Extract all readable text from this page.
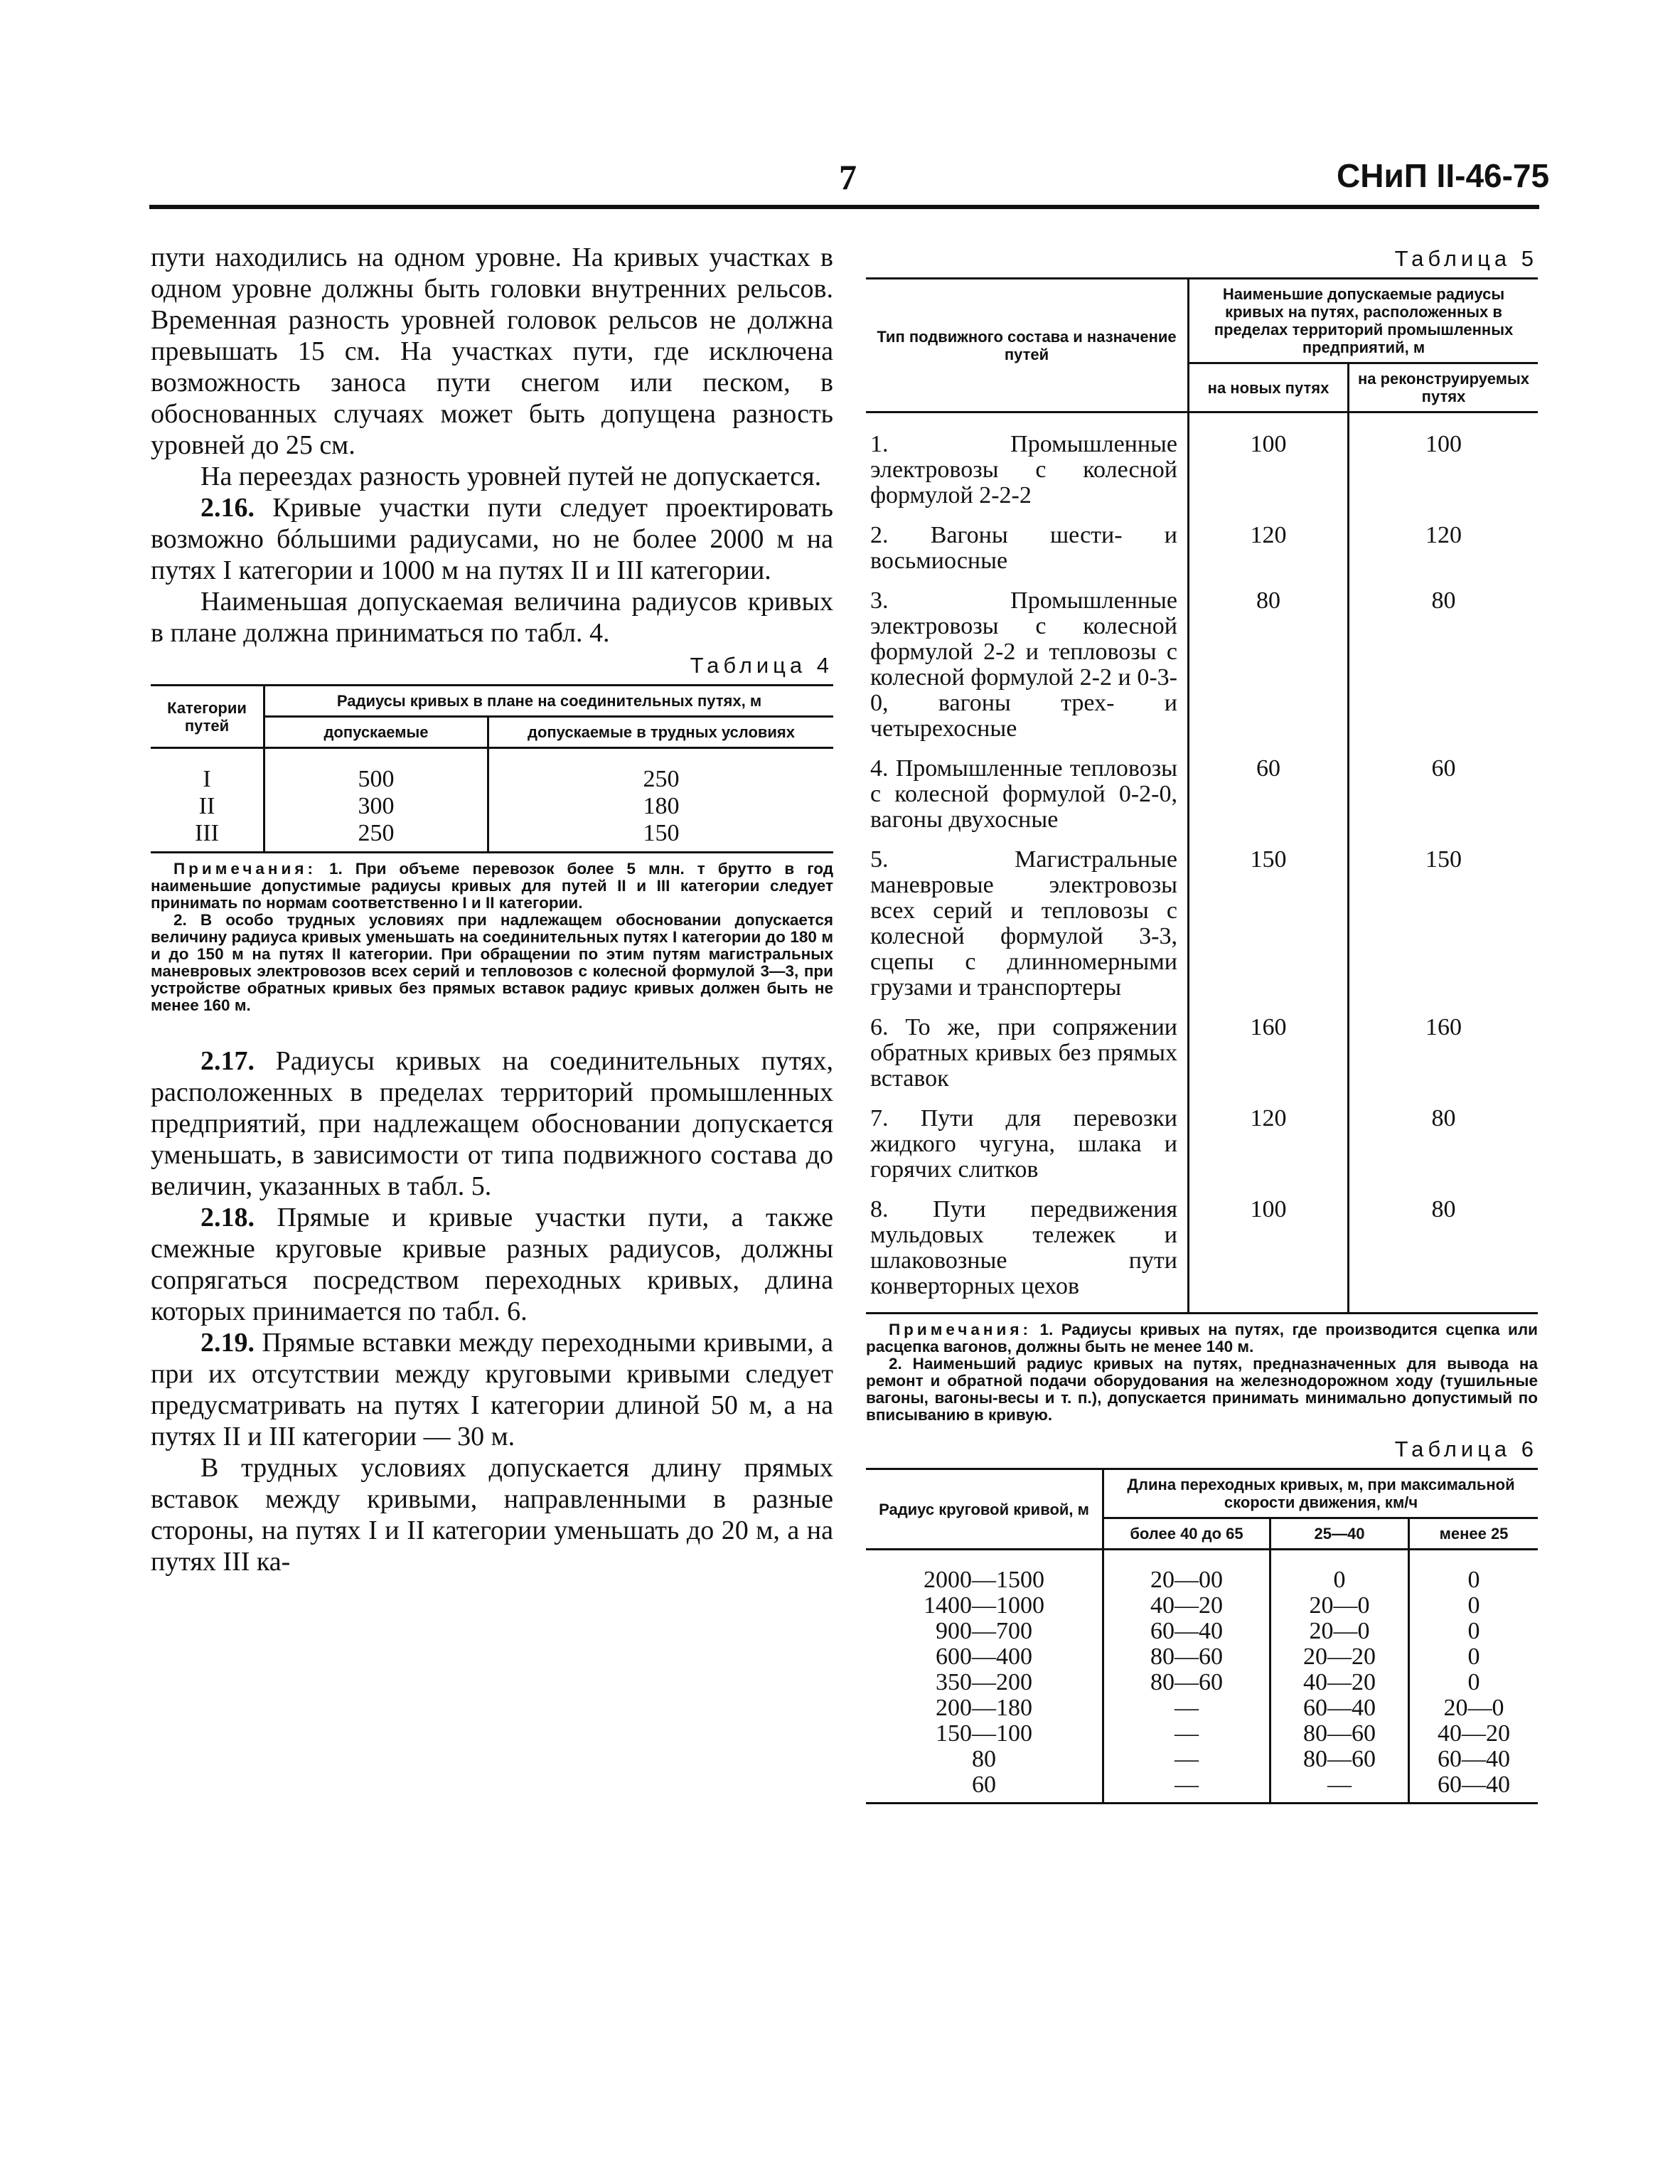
7	СНиП II-46-75

пути находились на одном уровне. На кривых участках в одном уровне должны быть головки внутренних рельсов. Временная разность уровней головок рельсов не должна превышать 15 см. На участках пути, где исключена возможность заноса пути снегом или песком, в обоснованных случаях может быть допущена разность уровней до 25 см.

На переездах разность уровней путей не допускается.

2.16. Кривые участки пути следует проектировать возможно бóльшими радиусами, но не более 2000 м на путях I категории и 1000 м на путях II и III категории.

Наименьшая допускаемая величина радиусов кривых в плане должна приниматься по табл. 4.

Таблица 4
Категории путей	Радиусы кривых в плане на соединительных путях, м	
	допускаемые	допускаемые в трудных условиях

I	500	250
II	300	180
III	250	150

Примечания: 1. При объеме перевозок более 5 млн. т брутто в год наименьшие допустимые радиусы кривых для путей II и III категории следует принимать по нормам соответственно I и II категории.

2. В особо трудных условиях при надлежащем обосновании допускается величину радиуса кривых уменьшать на соединительных путях I категории до 180 м и до 150 м на путях II категории. При обращении по этим путям магистральных маневровых электровозов всех серий и тепловозов с колесной формулой 3—3, при устройстве обратных кривых без прямых вставок радиус кривых должен быть не менее 160 м.

2.17. Радиусы кривых на соединительных путях, расположенных в пределах территорий промышленных предприятий, при надлежащем обосновании допускается уменьшать, в зависимости от типа подвижного состава до величин, указанных в табл. 5.

2.18. Прямые и кривые участки пути, а также смежные круговые кривые разных радиусов, должны сопрягаться посредством переходных кривых, длина которых принимается по табл. 6.

2.19. Прямые вставки между переходными кривыми, а при их отсутствии между круговыми кривыми следует предусматривать на путях I категории длиной 50 м, а на путях II и III категории — 30 м.

В трудных условиях допускается длину прямых вставок между кривыми, направленными в разные стороны, на путях I и II категории уменьшать до 20 м, а на путях III ка-

Таблица 5
Тип подвижного состава и назначение путей	Наименьшие допускаемые радиусы кривых на путях, расположенных в пределах территорий промышленных предприятий, м	
	на новых путях	на реконструируемых путях

1. Промышленные электровозы с колесной формулой 2-2-2	100	100
2. Вагоны шести- и восьмиосные	120	120
3. Промышленные электровозы с колесной формулой 2-2 и тепловозы с колесной формулой 2-2 и 0-3-0, вагоны трех- и четырехосные	80	80
4. Промышленные тепловозы с колесной формулой 0-2-0, вагоны двухосные	60	60
5. Магистральные маневровые электровозы всех серий и тепловозы с колесной формулой 3-3, сцепы с длинномерными грузами и транспортеры	150	150
6. То же, при сопряжении обратных кривых без прямых вставок	160	160
7. Пути для перевозки жидкого чугуна, шлака и горячих слитков	120	80
8. Пути передвижения мульдовых тележек и шлаковозные пути конверторных цехов	100	80

Примечания: 1. Радиусы кривых на путях, где производится сцепка или расцепка вагонов, должны быть не менее 140 м.

2. Наименьший радиус кривых на путях, предназначенных для вывода на ремонт и обратной подачи оборудования на железнодорожном ходу (тушильные вагоны, вагоны-весы и т. п.), допускается принимать минимально допустимый по вписыванию в кривую.

Таблица 6
Радиус круговой кривой, м	Длина переходных кривых, м, при максимальной скорости движения, км/ч		
	более 40 до 65	25—40	менее 25

2000—1500	20—00	0	0
1400—1000	40—20	20—0	0
900—700	60—40	20—0	0
600—400	80—60	20—20	0
350—200	80—60	40—20	0
200—180	—	60—40	20—0
150—100	—	80—60	40—20
80	—	80—60	60—40
60	—	—	60—40
